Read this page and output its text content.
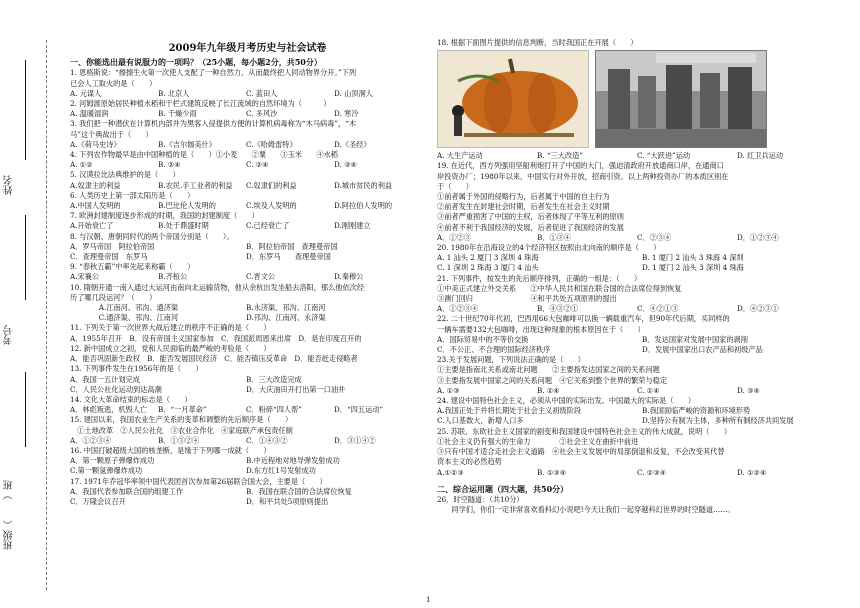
姓名
考号
班级（　　）班
2009年九年级月考历史与社会试卷
一、你能选出最有说服力的一项吗？（25小题，每小题2分，共50分）
1. 恩格斯说：“擦擦生火第一次使人支配了一种自然力，从而最终把人同动物界分开。”下列
已会人工取火的是（　　）
A. 元谋人	B. 北京人	C. 蓝田人	D. 山顶洞人
2. 河姆渡原始居民种植水稻和干栏式建筑反映了长江流域的自然环境为（　　　）
A. 温暖湿润	B. 干燥少雨	C. 多风沙	D. 寒冷
3. 我们把一种潜伏在计算机内部并为黑客入侵提供方便的计算机病毒称为“木马病毒”，“木
马”这个典故出于（　　）
A.《荷马史诗》	B.《吉尔伽美什》	C.《哈姆雷特》	D.《圣经》
4. 下列农作物最早是由中国种植的是（　　）①小麦　　②粟　　③玉米　　④水稻
A. ①②	B. ②④	C. ②④	D. ③④
5. 汉谟拉比法典维护的是（　　）
A.奴隶主的利益	B.农民.手工业者的利益	C.奴隶们的利益	D.城市贫民的利益
6. 人类历史上第一部太阳历是（　　）
A.中国人发明的	B.巴比伦人发明的	C.埃及人发明的	D.阿拉伯人发明的
7. 欧洲封建制度逐步形成的时期，我国的封建制度（　　）
A.开始衰亡了	B.处于鼎盛时期	C.已经衰亡了	D.刚刚建立
8. 与汉朝、唐朝同时代的两个帝国分别是（　　）。
A．罗马帝国　阿拉伯帝国	B．阿拉伯帝国　查理曼帝国
C．查理曼帝国　东罗马	D．东罗马　　查理曼帝国
9. “春秋五霸”中率先起来称霸（　　）
A.宋襄公	B.齐桓公	C.晋文公	D.秦穆公
10. 隋朝开通一南入通过大运河由南向北运输货物，他从余杭出发坐船去洛阳，那么他依次经
历了哪几段运河？（　　）
　　　　A.江南河、邗沟、通济渠	B.永济渠、邗沟、江南河
　　　　C.通济渠、邗沟、江南河	D.邗沟、江南河、永济渠
11. 下列关于第一次世界大战后建立的秩序不正确的是（　　）
A．1955年召开　B．没有帝国主义国家参加　C．我国派周恩来出席　D．是在印度召开的
12. 新中国成立之初，党和人民面临的最严峻的考验是（　　）
A．能否巩固新生政权　B．能否发展国民经济　C．能否镇压反革命　D．能否赶走侵略者
13. 下列事件发生在1956年的是（　　）
A．我国一五计划完成	B．三大改造完成
C．人民公社化运动到达高潮	D．大庆油田开打出第一口油井
14. 文化大革命结束的标志是（　　）
A．林彪叛逃，机毁人亡	B．“一月革命”	C．粉碎“四人帮”	D．“四五运动”
15. 建国以来，我国农业生产关系的变革和调整的先后顺序是（　　）
　①土地改革　②人民公社化　③农业合作化　④家庭联产承包责任制
A．①②③④	B．①③②④	C．①④③②	D．③①④②
16. 中国打破超级大国的核垄断，是缘于下列哪一成就（　　）
A．第一颗原子弹爆炸成功	B.中近程地对地导弹发射成功
C.第一颗氢弹爆炸成功	D.东方红1号发射成功
17. 1971年乔冠华率领中国代表团首次参加第26届联合国大会，主要是（　　）
A．我国代表参加联合国的组建工作	B．我国在联合国的合法席位恢复
C．万隆会议召开	D．和平共处5项原则提出
18. 根据下面图片提供的信息判断，当时我国正在开展（　　）
A. 大生产运动	B. “三大改造”	C. “大跃进”运动	D. 红卫兵运动
19. 在近代，西方列强用坚船利炮打开了中国的大门，强迫清政府开放通商口岸，在通商口
岸投资办厂；1980年以来，中国实行对外开放，招商引资。以上两种投资办厂的本质区别在
于（　　）
①前者属于外国的侵略行为，后者属于中国的自主行为
②前者发生在封建社会时期，后者发生在社会主义时期
③前者严重损害了中国的主权，后者体现了平等互利的原则
④前者不利于我国经济的发展，后者促进了我国经济的发展
A．①②③	B．①③④	C．②③④	D．①②③④
20. 1980年在沿海设立的4个经济特区按照由北向南的顺序是（　　）
A. 1 汕头 2 厦门 3 深圳 4 珠海	B. 1 厦门 2 汕头 3 珠海 4 深圳
C. 1 深圳 2 珠海 3 厦门 4 汕头	D. 1 厦门 2 汕头 3 深圳 4 珠海
21. 下列事件，按发生的先后顺序排列，正确的一组是：（　　）
①中美正式建立外交关系　　②中华人民共和国在联合国的合法席位得到恢复
③澳门回归　　　　　　　　④和平共处五项原则的提出
A．①②③④	B．④③②①	C．④②①③	D．④②③①
22. 二十世纪70年代初，巴西用66大包咖啡可以换一辆载重汽车，但90年代后期，买同样的
一辆车需要132大包咖啡，出现这种现象的根本原因在于（　　）
A．国际贸易中的不等价交换	B．发达国家对发展中国家的剥削
C．不公正、不合理的国际经济秩序	D．发展中国家出口农产品和初级产品
23.关于发展问题，下列说法正确的是（　　）
①主要是指南北关系或南北问题　　②主要指发达国家之间的关系问题
③主要指发展中国家之间的关系问题　④它关系到整个世界的繁荣与稳定
A. ①③	B. ②④	C. ①④	D. ③④
24. 建设中国特色社会主义，必须从中国的实际出发。中国最大的实际是（　　）
A.我国正处于并将长期处于社会主义初级阶段	B.我国面临严峻的资源和环境形势
C.人口基数大，新增人口多	D.坚持公有制为主体，多种所有制经济共同发展
25. 苏联、东欧社会主义国家的剧变和我国建设中国特色社会主义的伟大成就，说明（　　）
①社会主义仍有强大的生命力　　　　②社会主义在曲折中前进
③只有中国才适合走社会主义道路　④社会主义发展中的局部倒退和反复，不会改变其代替
资本主义的必然趋势
A.①②③	B. ①③④	C. ②③④	D. ①②④
二、综合运用题（四大题，共50分）
26．时空隧道：（共10分）
　　同学们，你们一定非常喜欢看科幻小说吧!今天让我们一起穿越科幻世界的时空隧道……。
1
